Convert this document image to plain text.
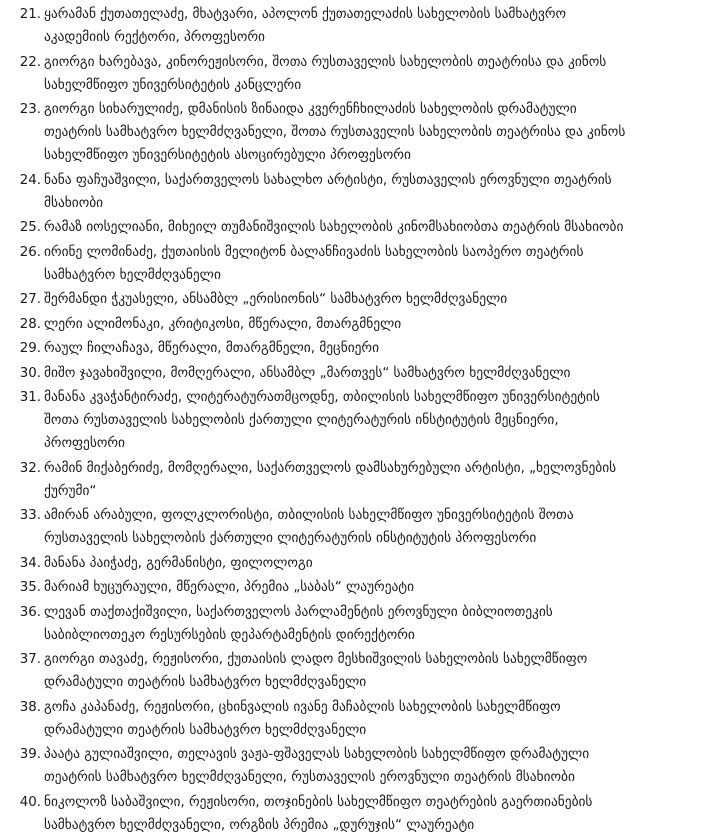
21. ყარამან ქუთათელაძე, მხატვარი, აპოლონ ქუთათელაძის სახელობის სამხატვრო
აკადემიის რექტორი, პროფესორი
22. გიორგი ხარებავა, კინორეჟისორი, შოთა რუსთაველის სახელობის თეატრისა და კინოს
სახელმწიფო უნივერსიტეტის კანცლერი
23. გიორგი სიხარულიძე, დმანისის ზინაიდა კვერენჩხილაძის სახელობის დრამატული
თეატრის სამხატვრო ხელმძღვანელი, შოთა რუსთაველის სახელობის თეატრისა და კინოს
სახელმწიფო უნივერსიტეტის ასოცირებული პროფესორი
24. ნანა ფაჩუაშვილი, საქართველოს სახალხო არტისტი, რუსთაველის ეროვნული თეატრის
მსახიობი
25. რამაზ იოსელიანი, მიხეილ თუმანიშვილის სახელობის კინომსახიობთა თეატრის მსახიობი
26. ირინე ლომინაძე, ქუთაისის მელიტონ ბალანჩივაძის სახელობის საოპერო თეატრის
სამხატვრო ხელმძღვანელი
27. შერმანდი ჭკუასელი, ანსამბლ „ერისიონის“ სამხატვრო ხელმძღვანელი
28. ლერი ალიმონაკი, კრიტიკოსი, მწერალი, მთარგმნელი
29. რაულ ჩილაჩავა, მწერალი, მთარგმნელი, მეცნიერი
30. მიშო ჯავახიშვილი, მომღერალი, ანსამბლ „მართვეს“ სამხატვრო ხელმძღვანელი
31. მანანა კვაჭანტირაძე, ლიტერატურათმცოდნე, თბილისის სახელმწიფო უნივერსიტეტის
შოთა რუსთაველის სახელობის ქართული ლიტერატურის ინსტიტუტის მეცნიერი,
პროფესორი
32. რამინ მიქაბერიძე, მომღერალი, საქართველოს დამსახურებული არტისტი, „ხელოვნების
ქურუმი“
33. ამირან არაბული, ფოლკლორისტი, თბილისის სახელმწიფო უნივერსიტეტის შოთა
რუსთაველის სახელობის ქართული ლიტერატურის ინსტიტუტის პროფესორი
34. მანანა პაიჭაძე, გერმანისტი, ფილოლოგი
35. მარიამ ხუცურაული, მწერალი, პრემია „საბას“ ლაურეატი
36. ლევან თაქთაქიშვილი, საქართველოს პარლამენტის ეროვნული ბიბლიოთეკის
საბიბლიოთეკო რესურსების დეპარტამენტის დირექტორი
37. გიორგი თავაძე, რეჟისორი, ქუთაისის ლადო მესხიშვილის სახელობის სახელმწიფო
დრამატული თეატრის სამხატვრო ხელმძღვანელი
38. გოჩა კაპანაძე, რეჟისორი, ცხინვალის ივანე მაჩაბლის სახელობის სახელმწიფო
დრამატული თეატრის სამხატვრო ხელმძღვანელი
39. პაატა გულიაშვილი, თელავის ვაჟა-ფშაველას სახელობის სახელმწიფო დრამატული
თეატრის სამხატვრო ხელმძღვანელი, რუსთაველის ეროვნული თეატრის მსახიობი
40. ნიკოლოზ საბაშვილი, რეჟისორი, თოჯინების სახელმწიფო თეატრების გაერთიანების
სამხატვრო ხელმძღვანელი, ორგზის პრემია „დურუჯის“ ლაურეატი
